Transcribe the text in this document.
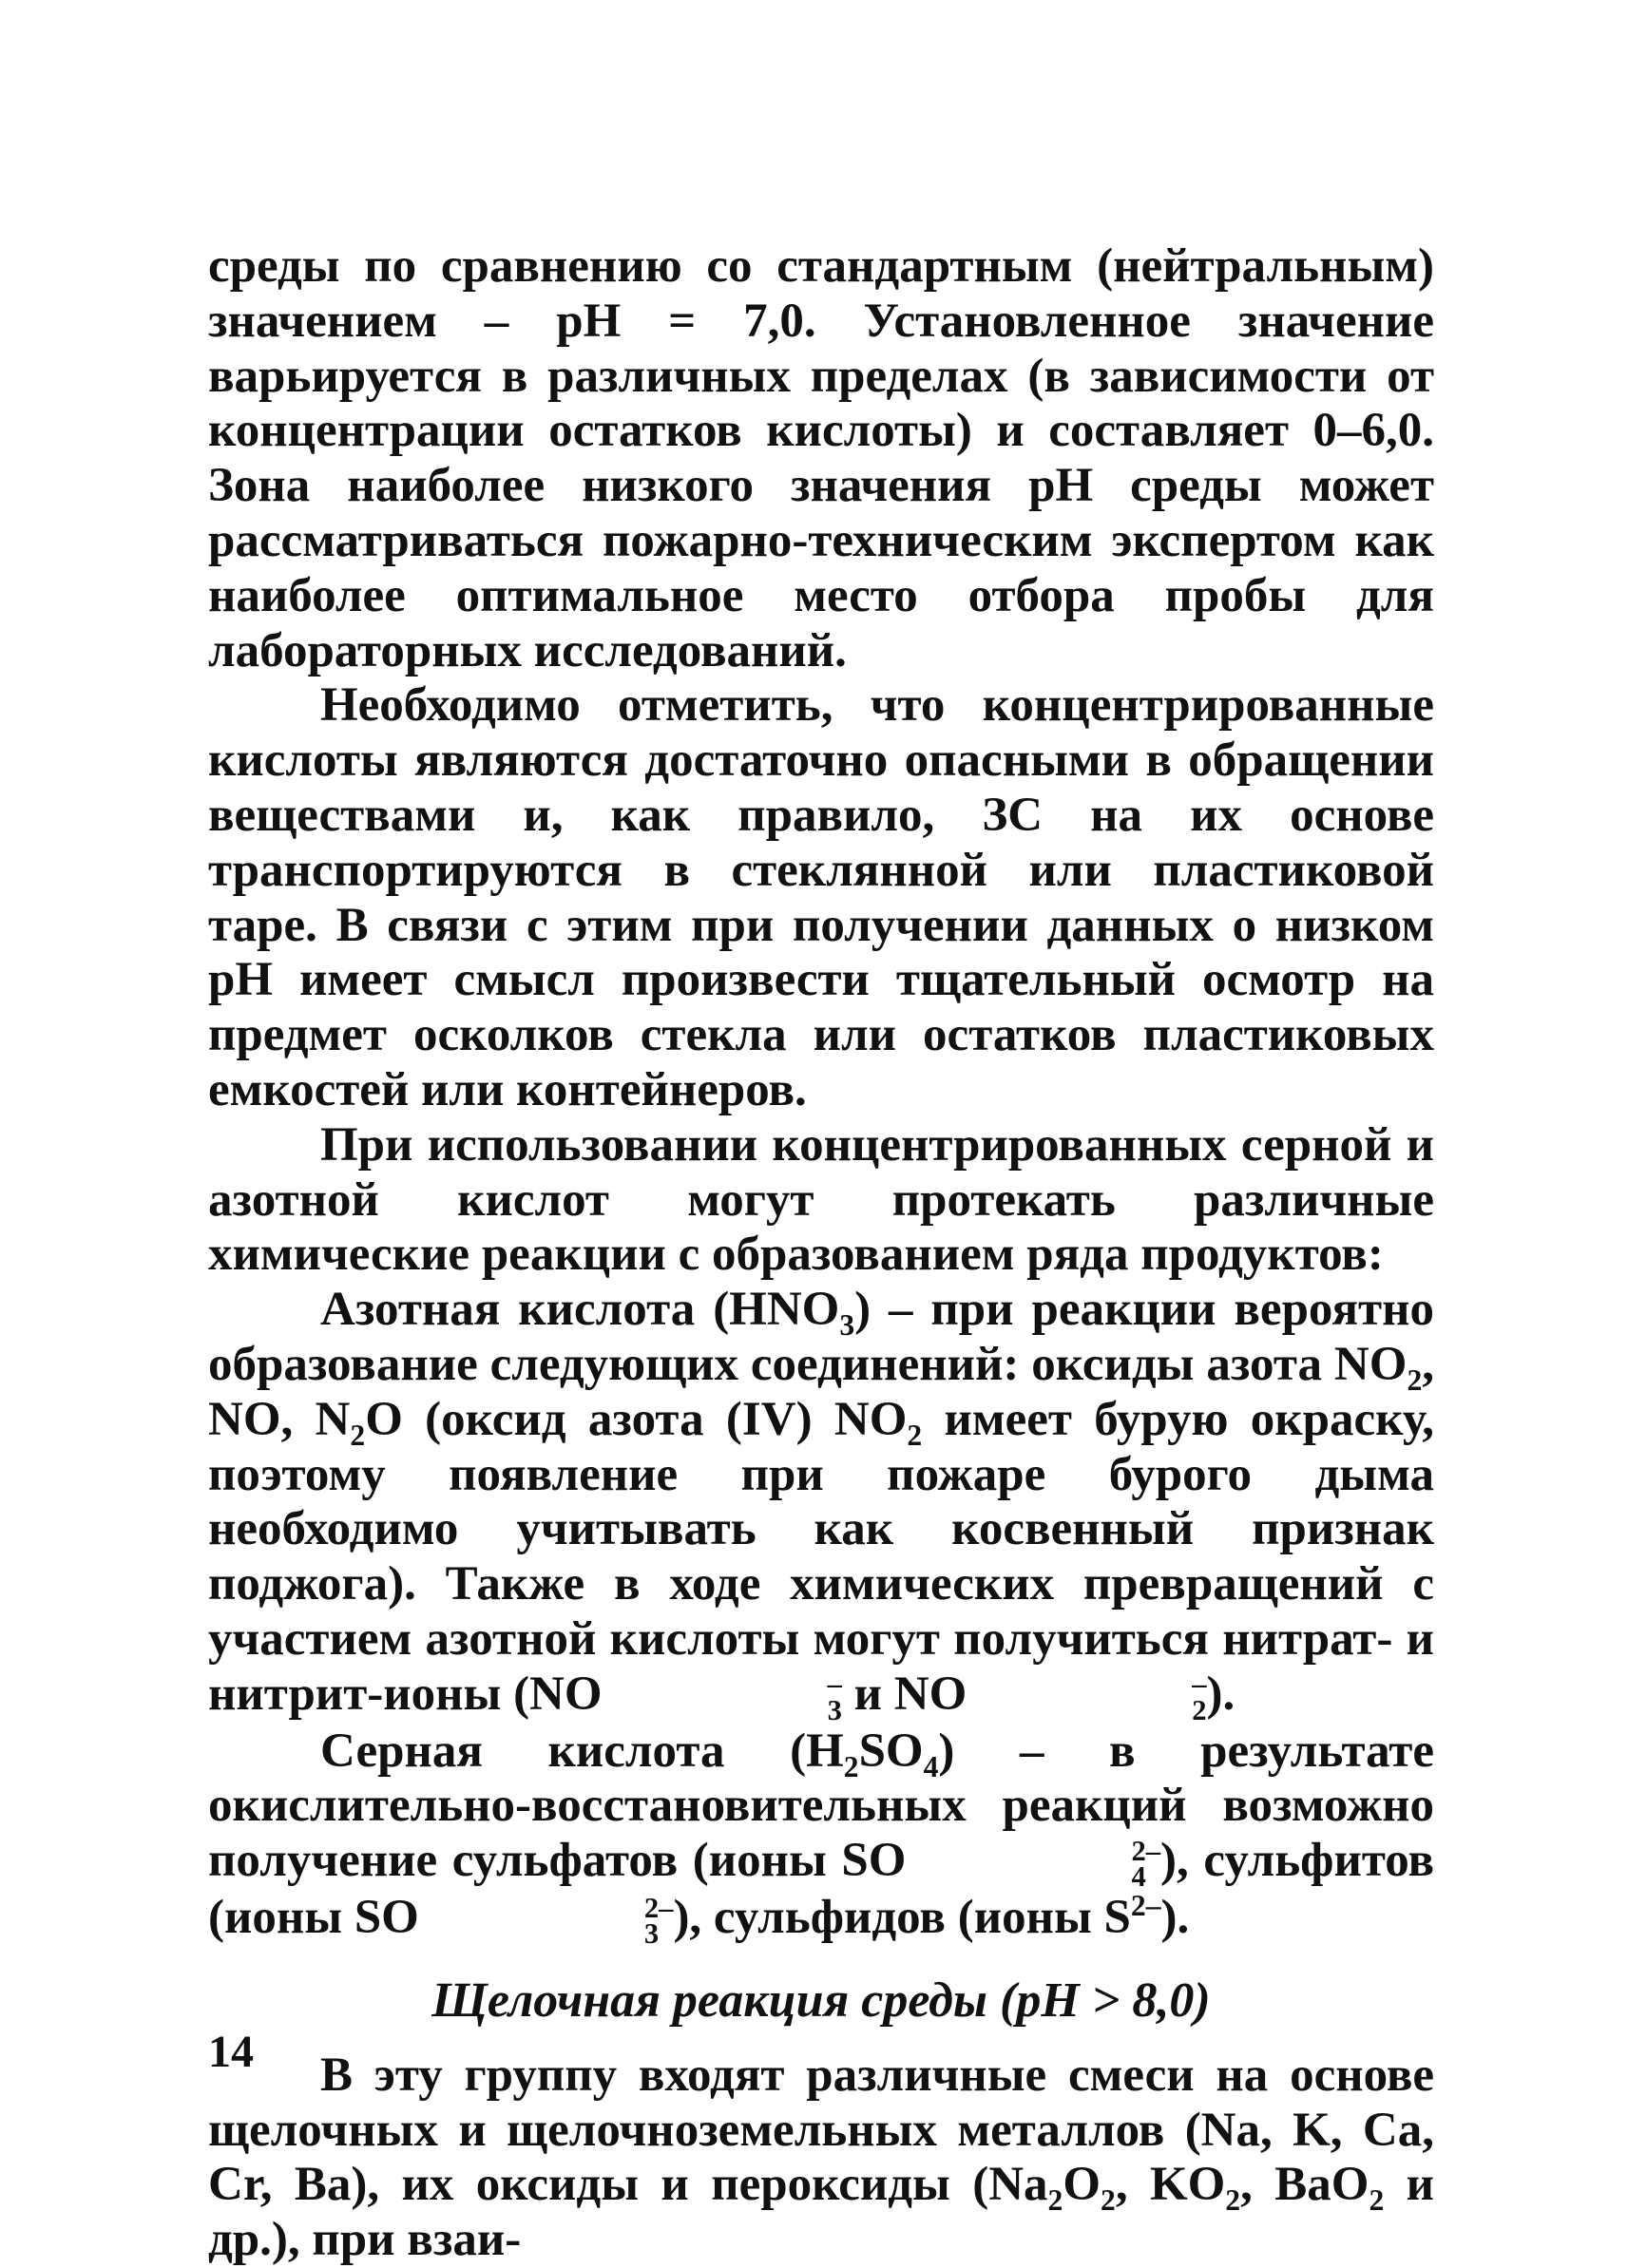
среды по сравнению со стандартным (нейтральным) значением – pH = 7,0. Установленное значение варьируется в различных пределах (в зависимости от концентрации остатков кислоты) и составляет 0–6,0. Зона наиболее низкого значения pH среды может рассматриваться пожарно-техническим экспертом как наиболее оптимальное место отбора пробы для лабораторных исследований.

Необходимо отметить, что концентрированные кислоты являются достаточно опасными в обращении веществами и, как правило, ЗС на их основе транспортируются в стеклянной или пластиковой таре. В связи с этим при получении данных о низком pH имеет смысл произвести тщательный осмотр на предмет осколков стекла или остатков пластиковых емкостей или контейнеров.

При использовании концентрированных серной и азотной кислот могут протекать различные химические реакции с образованием ряда продуктов:

Азотная кислота $(HNO_3)$ – при реакции вероятно образование следующих соединений: оксиды азота $NO_2$, NO, $N_2O$ (оксид азота (IV) $NO_2$ имеет бурую окраску, поэтому появление при пожаре бурого дыма необходимо учитывать как косвенный признак поджога). Также в ходе химических превращений с участием азотной кислоты могут получиться нитрат- и нитрит-ионы (NO	–
3 и NO	–
2 ).

Серная кислота $(H_2SO_4)$ – в результате окислительно-восстановительных реакций возможно получение сульфатов (ионы SO	2–
4 ), сульфитов (ионы SO	2–
3 ), сульфидов (ионы $S^{2-}$).

Щелочная реакция среды (pH > 8,0)

В эту группу входят различные смеси на основе щелочных и щелочноземельных металлов (Na, K, Ca, Cr, Ba), их оксиды и пероксиды ($Na_2O_2$, $KO_2$, BaO$_2$ и др.), при взаи-

14
